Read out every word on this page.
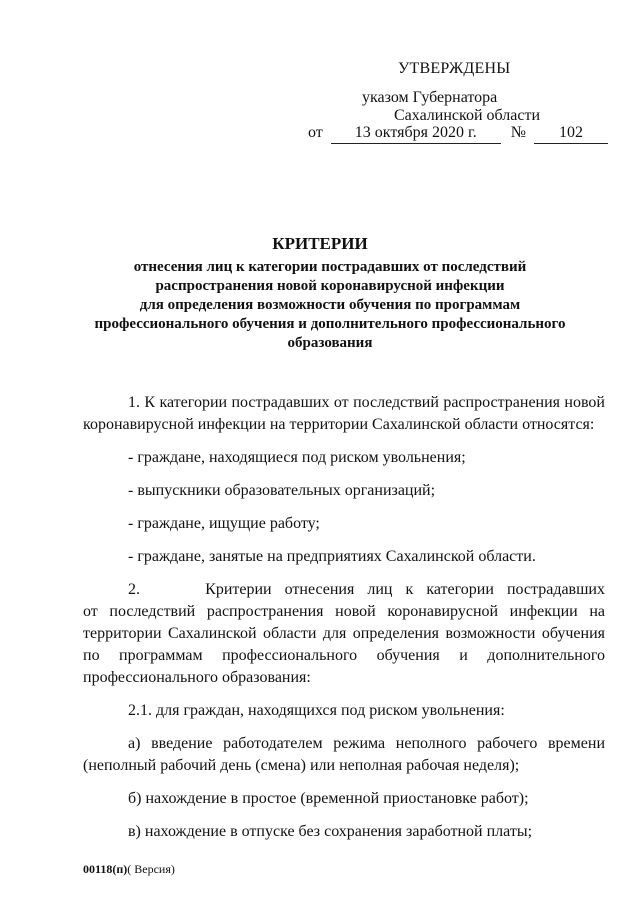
УТВЕРЖДЕНЫ
указом Губернатора
Сахалинской области
от 13 октября 2020 г. № 102
КРИТЕРИИ
отнесения лиц к категории пострадавших от последствий
распространения новой коронавирусной инфекции
для определения возможности обучения по программам
профессионального обучения и дополнительного профессионального
образования
1. К категории пострадавших от последствий распространения новой коронавирусной инфекции на территории Сахалинской области относятся:
- граждане, находящиеся под риском увольнения;
- выпускники образовательных организаций;
- граждане, ищущие работу;
- граждане, занятые на предприятиях Сахалинской области.
2.     Критерии отнесения лиц к категории пострадавших
от последствий распространения новой коронавирусной инфекции на территории Сахалинской области для определения возможности обучения по программам профессионального обучения и дополнительного профессионального образования:
2.1. для граждан, находящихся под риском увольнения:
а) введение работодателем режима неполного рабочего времени (неполный рабочий день (смена) или неполная рабочая неделя);
б) нахождение в простое (временной приостановке работ);
в) нахождение в отпуске без сохранения заработной платы;
00118(п)( Версия)
